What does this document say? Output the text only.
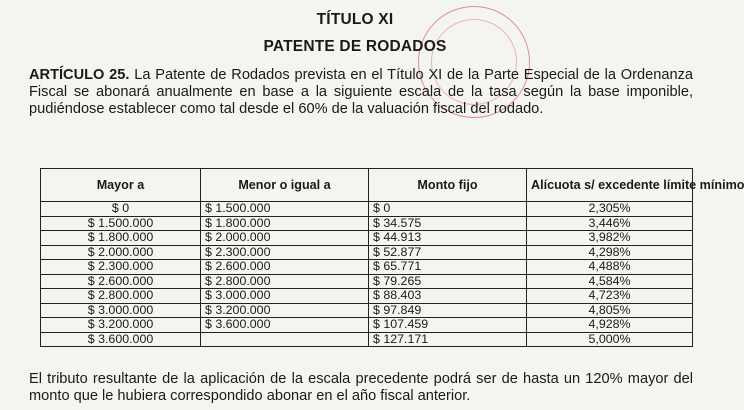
TÍTULO XI
PATENTE DE RODADOS
ARTÍCULO 25. La Patente de Rodados prevista en el Título XI de la Parte Especial de la Ordenanza Fiscal se abonará anualmente en base a la siguiente escala de la tasa según la base imponible, pudiéndose establecer como tal desde el 60% de la valuación fiscal del rodado.
Mayor a	Menor o igual a	Monto fijo	Alícuota s/ excedente límite mínimo
$ 0	$ 1.500.000	$ 0	2,305%
$ 1.500.000	$ 1.800.000	$ 34.575	3,446%
$ 1.800.000	$ 2.000.000	$ 44.913	3,982%
$ 2.000.000	$ 2.300.000	$ 52.877	4,298%
$ 2.300.000	$ 2.600.000	$ 65.771	4,488%
$ 2.600.000	$ 2.800.000	$ 79.265	4,584%
$ 2.800.000	$ 3.000.000	$ 88.403	4,723%
$ 3.000.000	$ 3.200.000	$ 97.849	4,805%
$ 3.200.000	$ 3.600.000	$ 107.459	4,928%
$ 3.600.000		$ 127.171	5,000%
El tributo resultante de la aplicación de la escala precedente podrá ser de hasta un 120% mayor del monto que le hubiera correspondido abonar en el año fiscal anterior.
